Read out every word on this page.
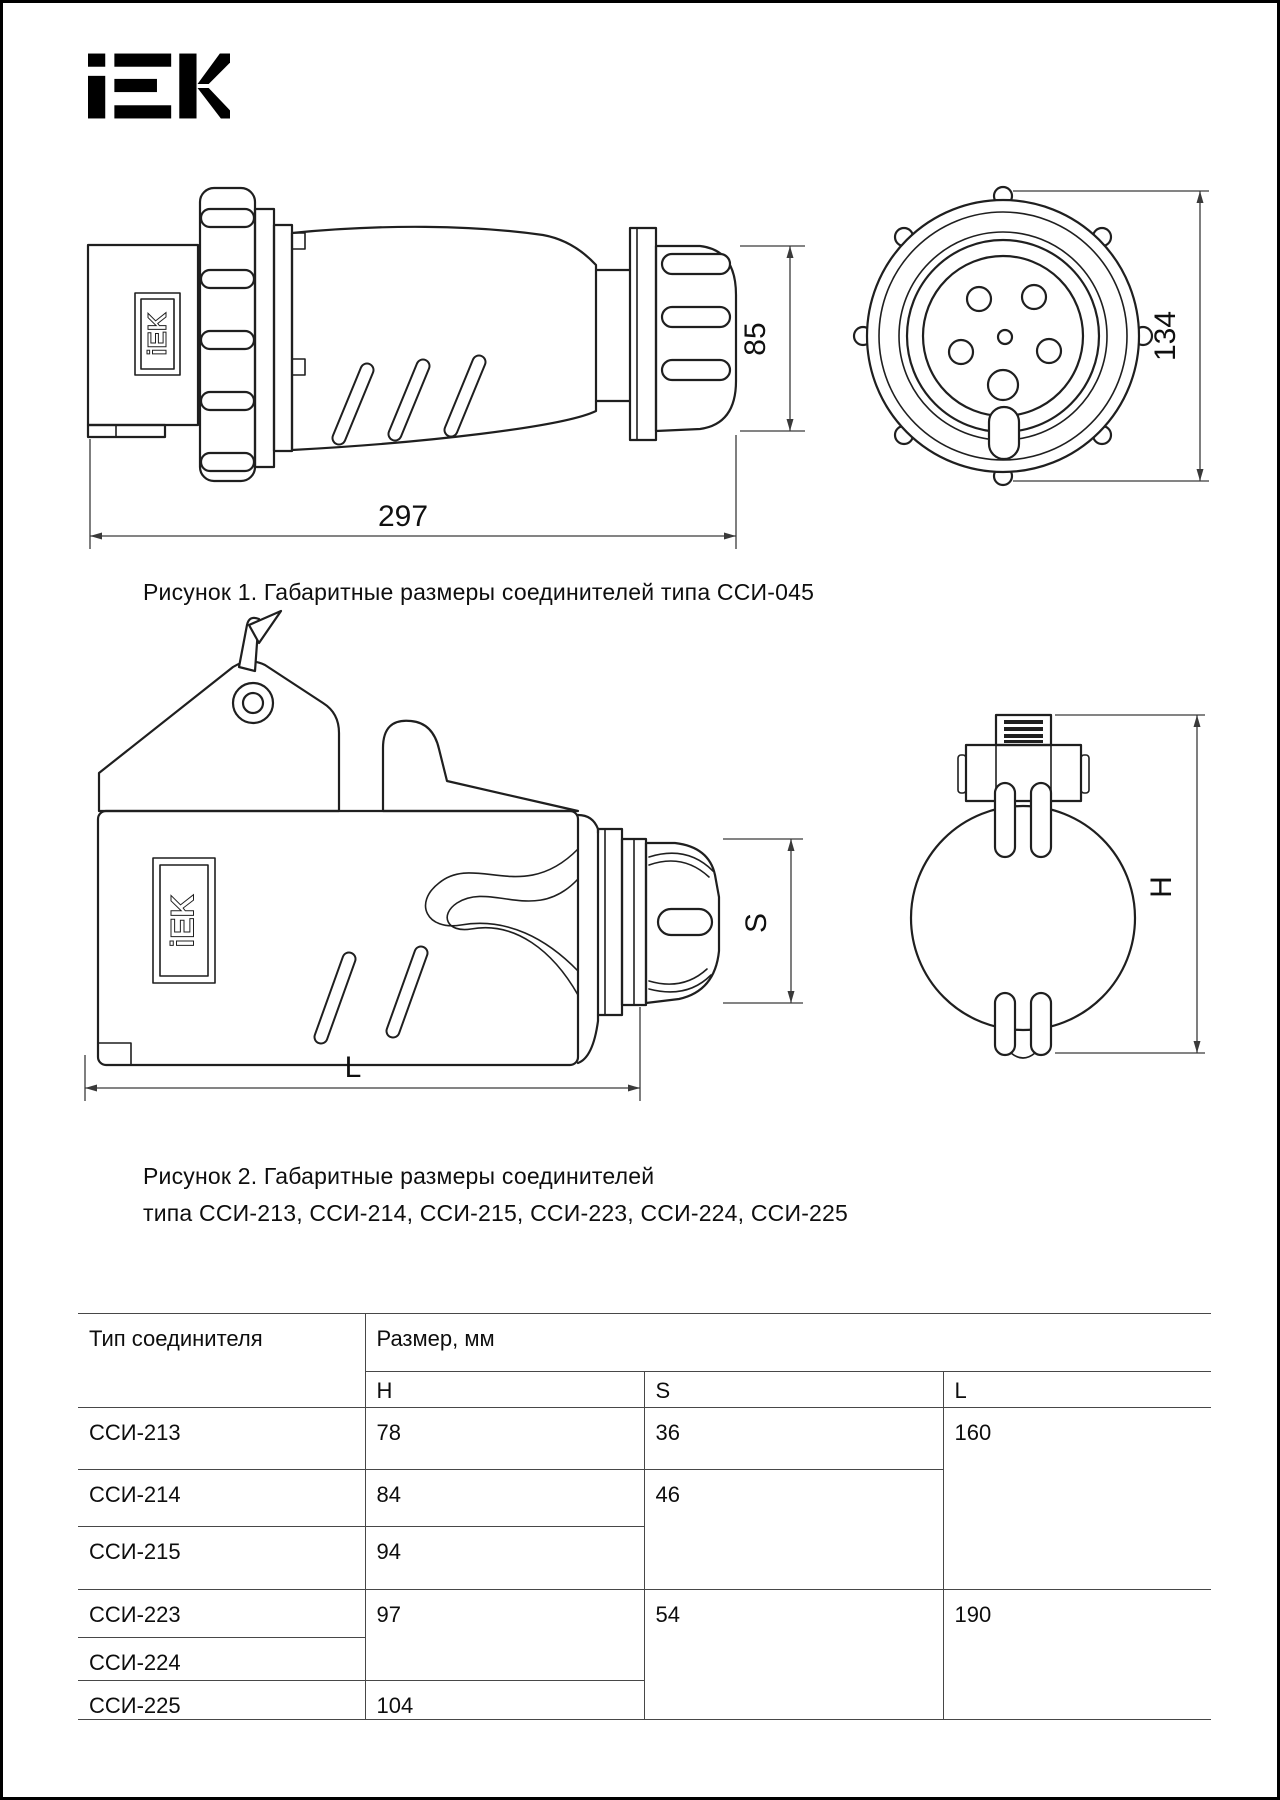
iEK
297
85	134
Рисунок 1. Габаритные размеры соединителей типа ССИ-045
iEK
L
S
H
Рисунок 2. Габаритные размеры соединителей
типа ССИ-213, ССИ-214, ССИ-215, ССИ-223, ССИ-224, ССИ-225
Тип соединителя	Размер, мм		
	H	S	L
ССИ-213	78	36	160
ССИ-214	84	46	
ССИ-215	94		
ССИ-223	97	54	190
ССИ-224			
ССИ-225	104		
